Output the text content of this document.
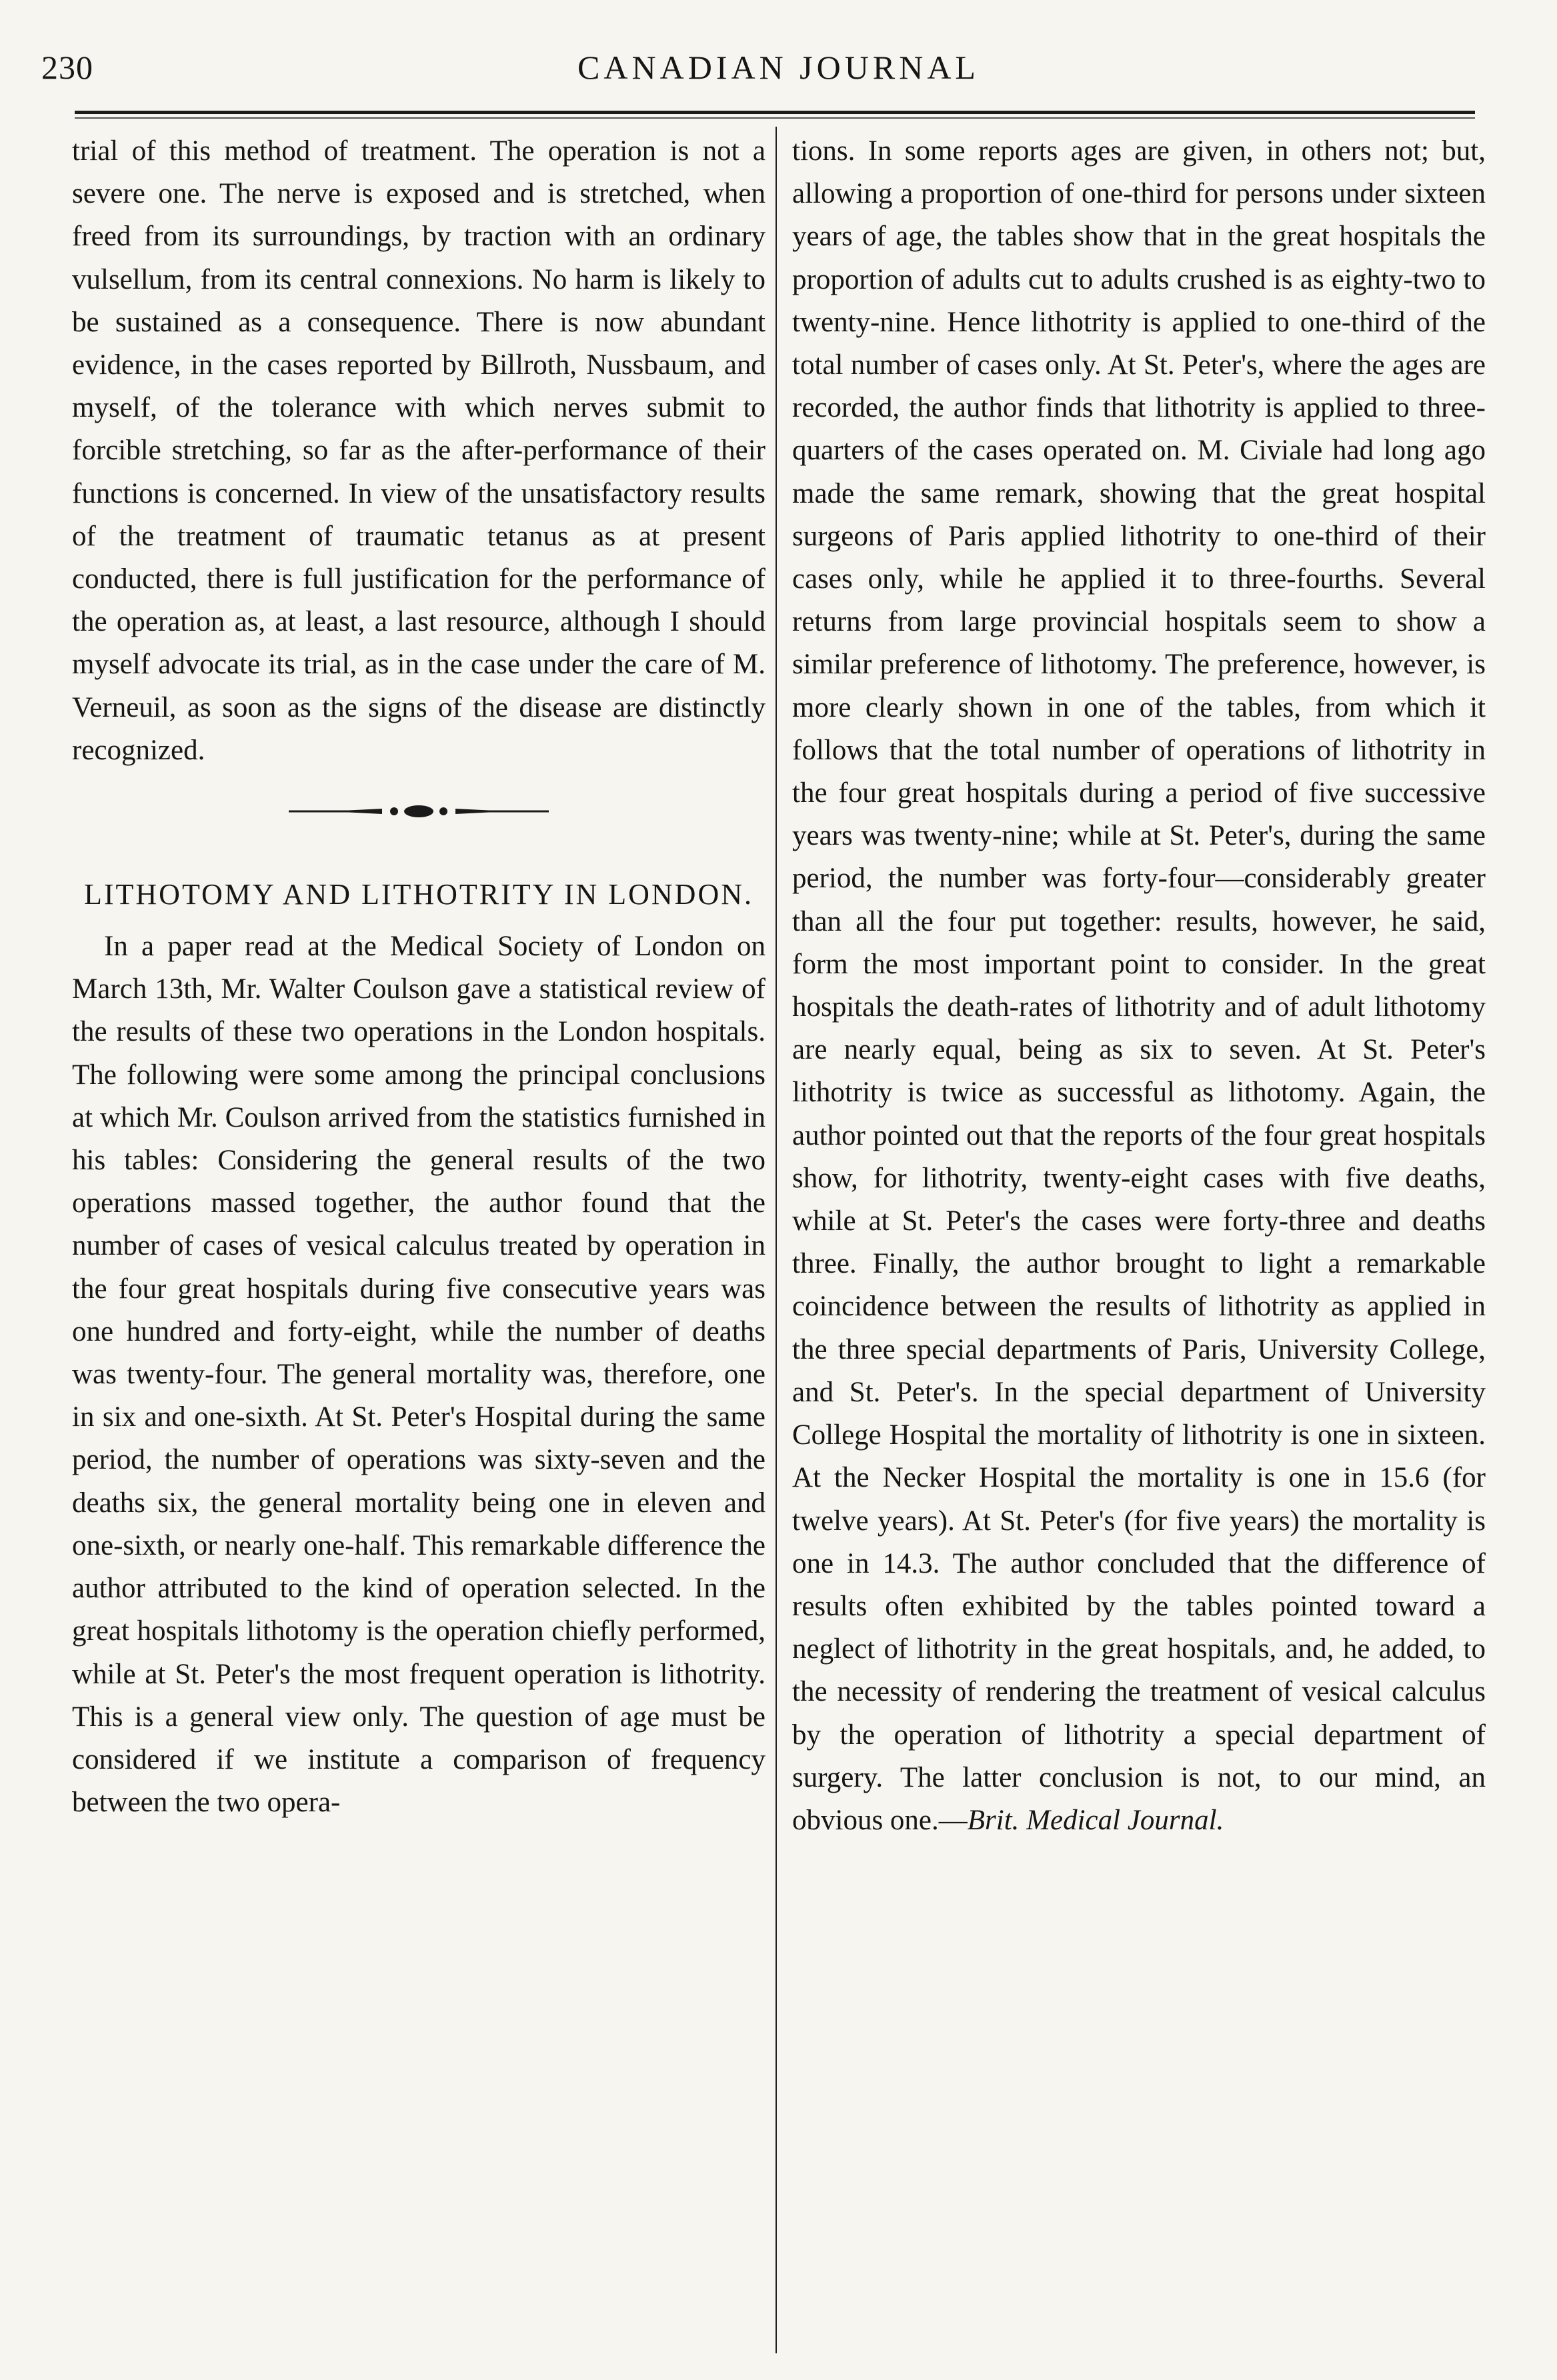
230	CANADIAN JOURNAL

trial of this method of treatment. The operation is not a severe one. The nerve is exposed and is stretched, when freed from its surroundings, by traction with an ordinary vulsellum, from its central connexions. No harm is likely to be sustained as a consequence. There is now abundant evidence, in the cases reported by Billroth, Nussbaum, and myself, of the tolerance with which nerves submit to forcible stretching, so far as the after-performance of their functions is concerned. In view of the unsatisfactory results of the treatment of traumatic tetanus as at present conducted, there is full justification for the performance of the operation as, at least, a last resource, although I should myself advocate its trial, as in the case under the care of M. Verneuil, as soon as the signs of the disease are distinctly recognized.

LITHOTOMY AND LITHOTRITY IN LONDON.

In a paper read at the Medical Society of London on March 13th, Mr. Walter Coulson gave a statistical review of the results of these two operations in the London hospitals. The following were some among the principal conclusions at which Mr. Coulson arrived from the statistics furnished in his tables: Considering the general results of the two operations massed together, the author found that the number of cases of vesical calculus treated by operation in the four great hospitals during five consecutive years was one hundred and forty-eight, while the number of deaths was twenty-four. The general mortality was, therefore, one in six and one-sixth. At St. Peter's Hospital during the same period, the number of operations was sixty-seven and the deaths six, the general mortality being one in eleven and one-sixth, or nearly one-half. This remarkable difference the author attributed to the kind of operation selected. In the great hospitals lithotomy is the operation chiefly performed, while at St. Peter's the most frequent operation is lithotrity. This is a general view only. The question of age must be considered if we institute a comparison of frequency between the two opera-

tions. In some reports ages are given, in others not; but, allowing a proportion of one-third for persons under sixteen years of age, the tables show that in the great hospitals the proportion of adults cut to adults crushed is as eighty-two to twenty-nine. Hence lithotrity is applied to one-third of the total number of cases only. At St. Peter's, where the ages are recorded, the author finds that lithotrity is applied to three-quarters of the cases operated on. M. Civiale had long ago made the same remark, showing that the great hospital surgeons of Paris applied lithotrity to one-third of their cases only, while he applied it to three-fourths. Several returns from large provincial hospitals seem to show a similar preference of lithotomy. The preference, however, is more clearly shown in one of the tables, from which it follows that the total number of operations of lithotrity in the four great hospitals during a period of five successive years was twenty-nine; while at St. Peter's, during the same period, the number was forty-four—considerably greater than all the four put together: results, however, he said, form the most important point to consider. In the great hospitals the death-rates of lithotrity and of adult lithotomy are nearly equal, being as six to seven. At St. Peter's lithotrity is twice as successful as lithotomy. Again, the author pointed out that the reports of the four great hospitals show, for lithotrity, twenty-eight cases with five deaths, while at St. Peter's the cases were forty-three and deaths three. Finally, the author brought to light a remarkable coincidence between the results of lithotrity as applied in the three special departments of Paris, University College, and St. Peter's. In the special department of University College Hospital the mortality of lithotrity is one in sixteen. At the Necker Hospital the mortality is one in 15.6 (for twelve years). At St. Peter's (for five years) the mortality is one in 14.3. The author concluded that the difference of results often exhibited by the tables pointed toward a neglect of lithotrity in the great hospitals, and, he added, to the necessity of rendering the treatment of vesical calculus by the operation of lithotrity a special department of surgery. The latter conclusion is not, to our mind, an obvious one.—Brit. Medical Journal.
